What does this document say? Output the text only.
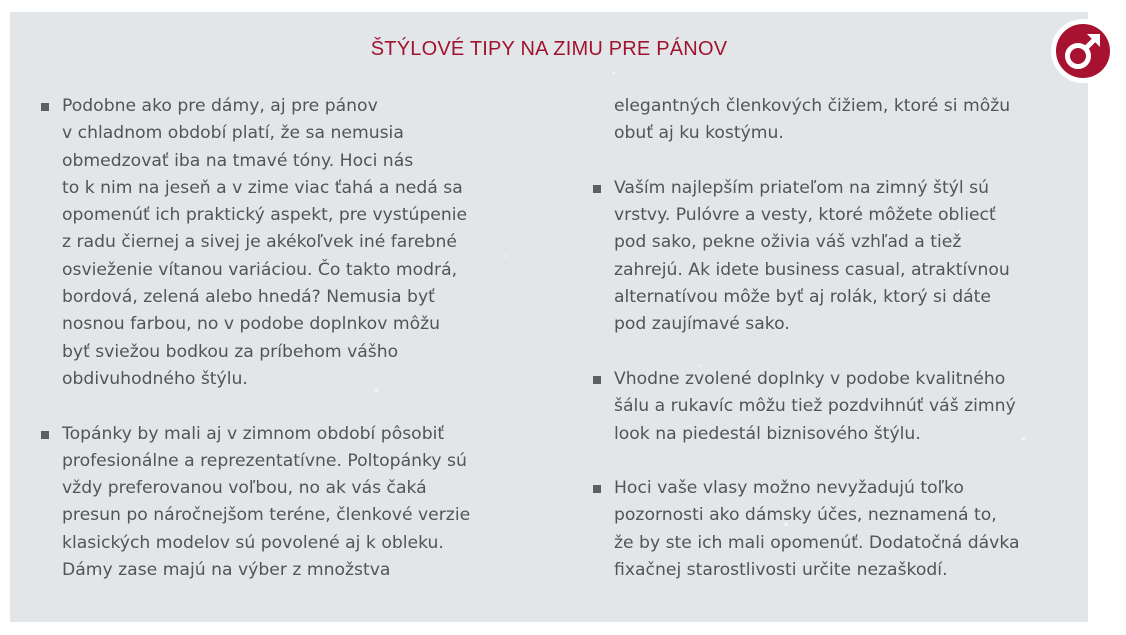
ŠTÝLOVÉ TIPY NA ZIMU PRE PÁNOV
Podobne ako pre dámy, aj pre pánov
v chladnom období platí, že sa nemusia
obmedzovať iba na tmavé tóny. Hoci nás
to k nim na jeseň a v zime viac ťahá a nedá sa
opomenúť ich praktický aspekt, pre vystúpenie
z radu čiernej a sivej je akékoľvek iné farebné
osvieženie vítanou variáciou. Čo takto modrá,
bordová, zelená alebo hnedá? Nemusia byť
nosnou farbou, no v podobe doplnkov môžu
byť sviežou bodkou za príbehom vášho
obdivuhodného štýlu.
Topánky by mali aj v zimnom období pôsobiť
profesionálne a reprezentatívne. Poltopánky sú
vždy preferovanou voľbou, no ak vás čaká
presun po náročnejšom teréne, členkové verzie
klasických modelov sú povolené aj k obleku.
Dámy zase majú na výber z množstva
elegantných členkových čižiem, ktoré si môžu
obuť aj ku kostýmu.
Vaším najlepším priateľom na zimný štýl sú
vrstvy. Pulóvre a vesty, ktoré môžete obliecť
pod sako, pekne oživia váš vzhľad a tiež
zahrejú. Ak idete business casual, atraktívnou
alternatívou môže byť aj rolák, ktorý si dáte
pod zaujímavé sako.
Vhodne zvolené doplnky v podobe kvalitného
šálu a rukavíc môžu tiež pozdvihnúť váš zimný
look na piedestál biznisového štýlu.
Hoci vaše vlasy možno nevyžadujú toľko
pozornosti ako dámsky účes, neznamená to,
že by ste ich mali opomenúť. Dodatočná dávka
fixačnej starostlivosti určite nezaškodí.
